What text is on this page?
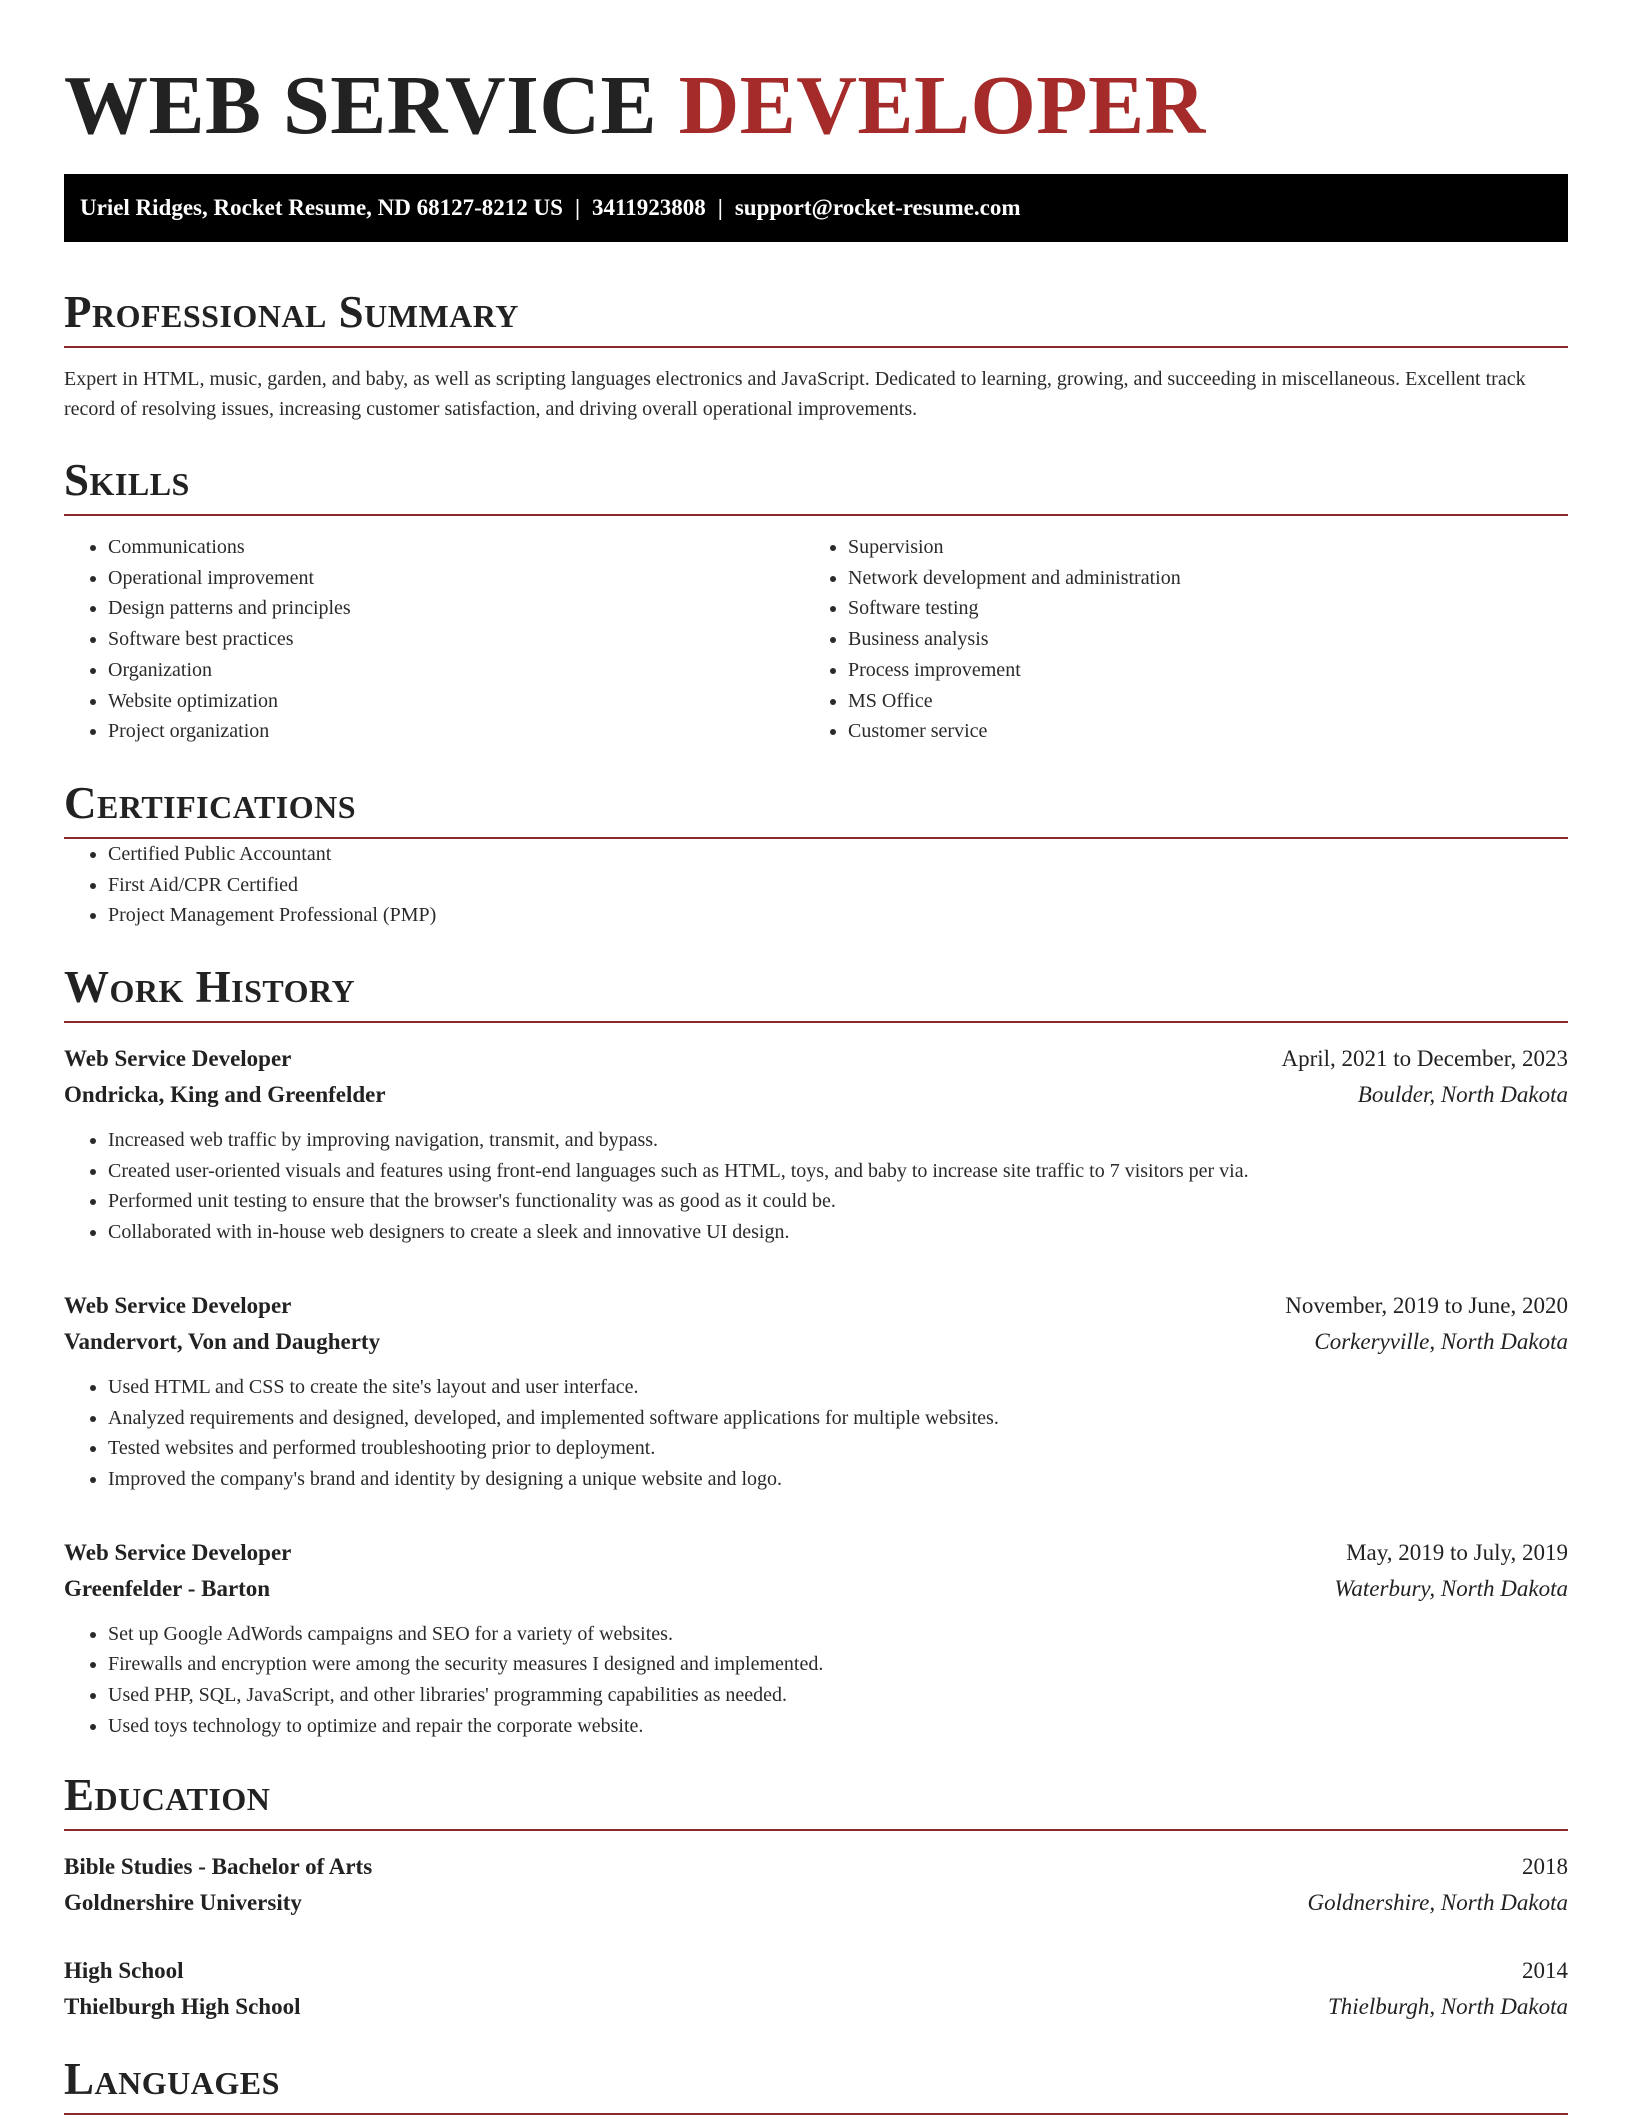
WEB SERVICE DEVELOPER
Uriel Ridges, Rocket Resume, ND 68127-8212 US | 3411923808 | support@rocket-resume.com
Professional Summary

Expert in HTML, music, garden, and baby, as well as scripting languages electronics and JavaScript. Dedicated to learning, growing, and succeeding in miscellaneous. Excellent track record of resolving issues, increasing customer satisfaction, and driving overall operational improvements.

Skills
• Communications
• Operational improvement
• Design patterns and principles
• Software best practices
• Organization
• Website optimization
• Project organization
• Supervision
• Network development and administration
• Software testing
• Business analysis
• Process improvement
• MS Office
• Customer service
Certifications
• Certified Public Accountant
• First Aid/CPR Certified
• Project Management Professional (PMP)
Work History
Web Service Developer	April, 2021 to December, 2023
Ondricka, King and Greenfelder	Boulder, North Dakota
• Increased web traffic by improving navigation, transmit, and bypass.
• Created user-oriented visuals and features using front-end languages such as HTML, toys, and baby to increase site traffic to 7 visitors per via.
• Performed unit testing to ensure that the browser's functionality was as good as it could be.
• Collaborated with in-house web designers to create a sleek and innovative UI design.
Web Service Developer	November, 2019 to June, 2020
Vandervort, Von and Daugherty	Corkeryville, North Dakota
• Used HTML and CSS to create the site's layout and user interface.
• Analyzed requirements and designed, developed, and implemented software applications for multiple websites.
• Tested websites and performed troubleshooting prior to deployment.
• Improved the company's brand and identity by designing a unique website and logo.
Web Service Developer	May, 2019 to July, 2019
Greenfelder - Barton	Waterbury, North Dakota
• Set up Google AdWords campaigns and SEO for a variety of websites.
• Firewalls and encryption were among the security measures I designed and implemented.
• Used PHP, SQL, JavaScript, and other libraries' programming capabilities as needed.
• Used toys technology to optimize and repair the corporate website.
Education
Bible Studies - Bachelor of Arts	2018
Goldnershire University	Goldnershire, North Dakota
High School	2014
Thielburgh High School	Thielburgh, North Dakota
Languages
